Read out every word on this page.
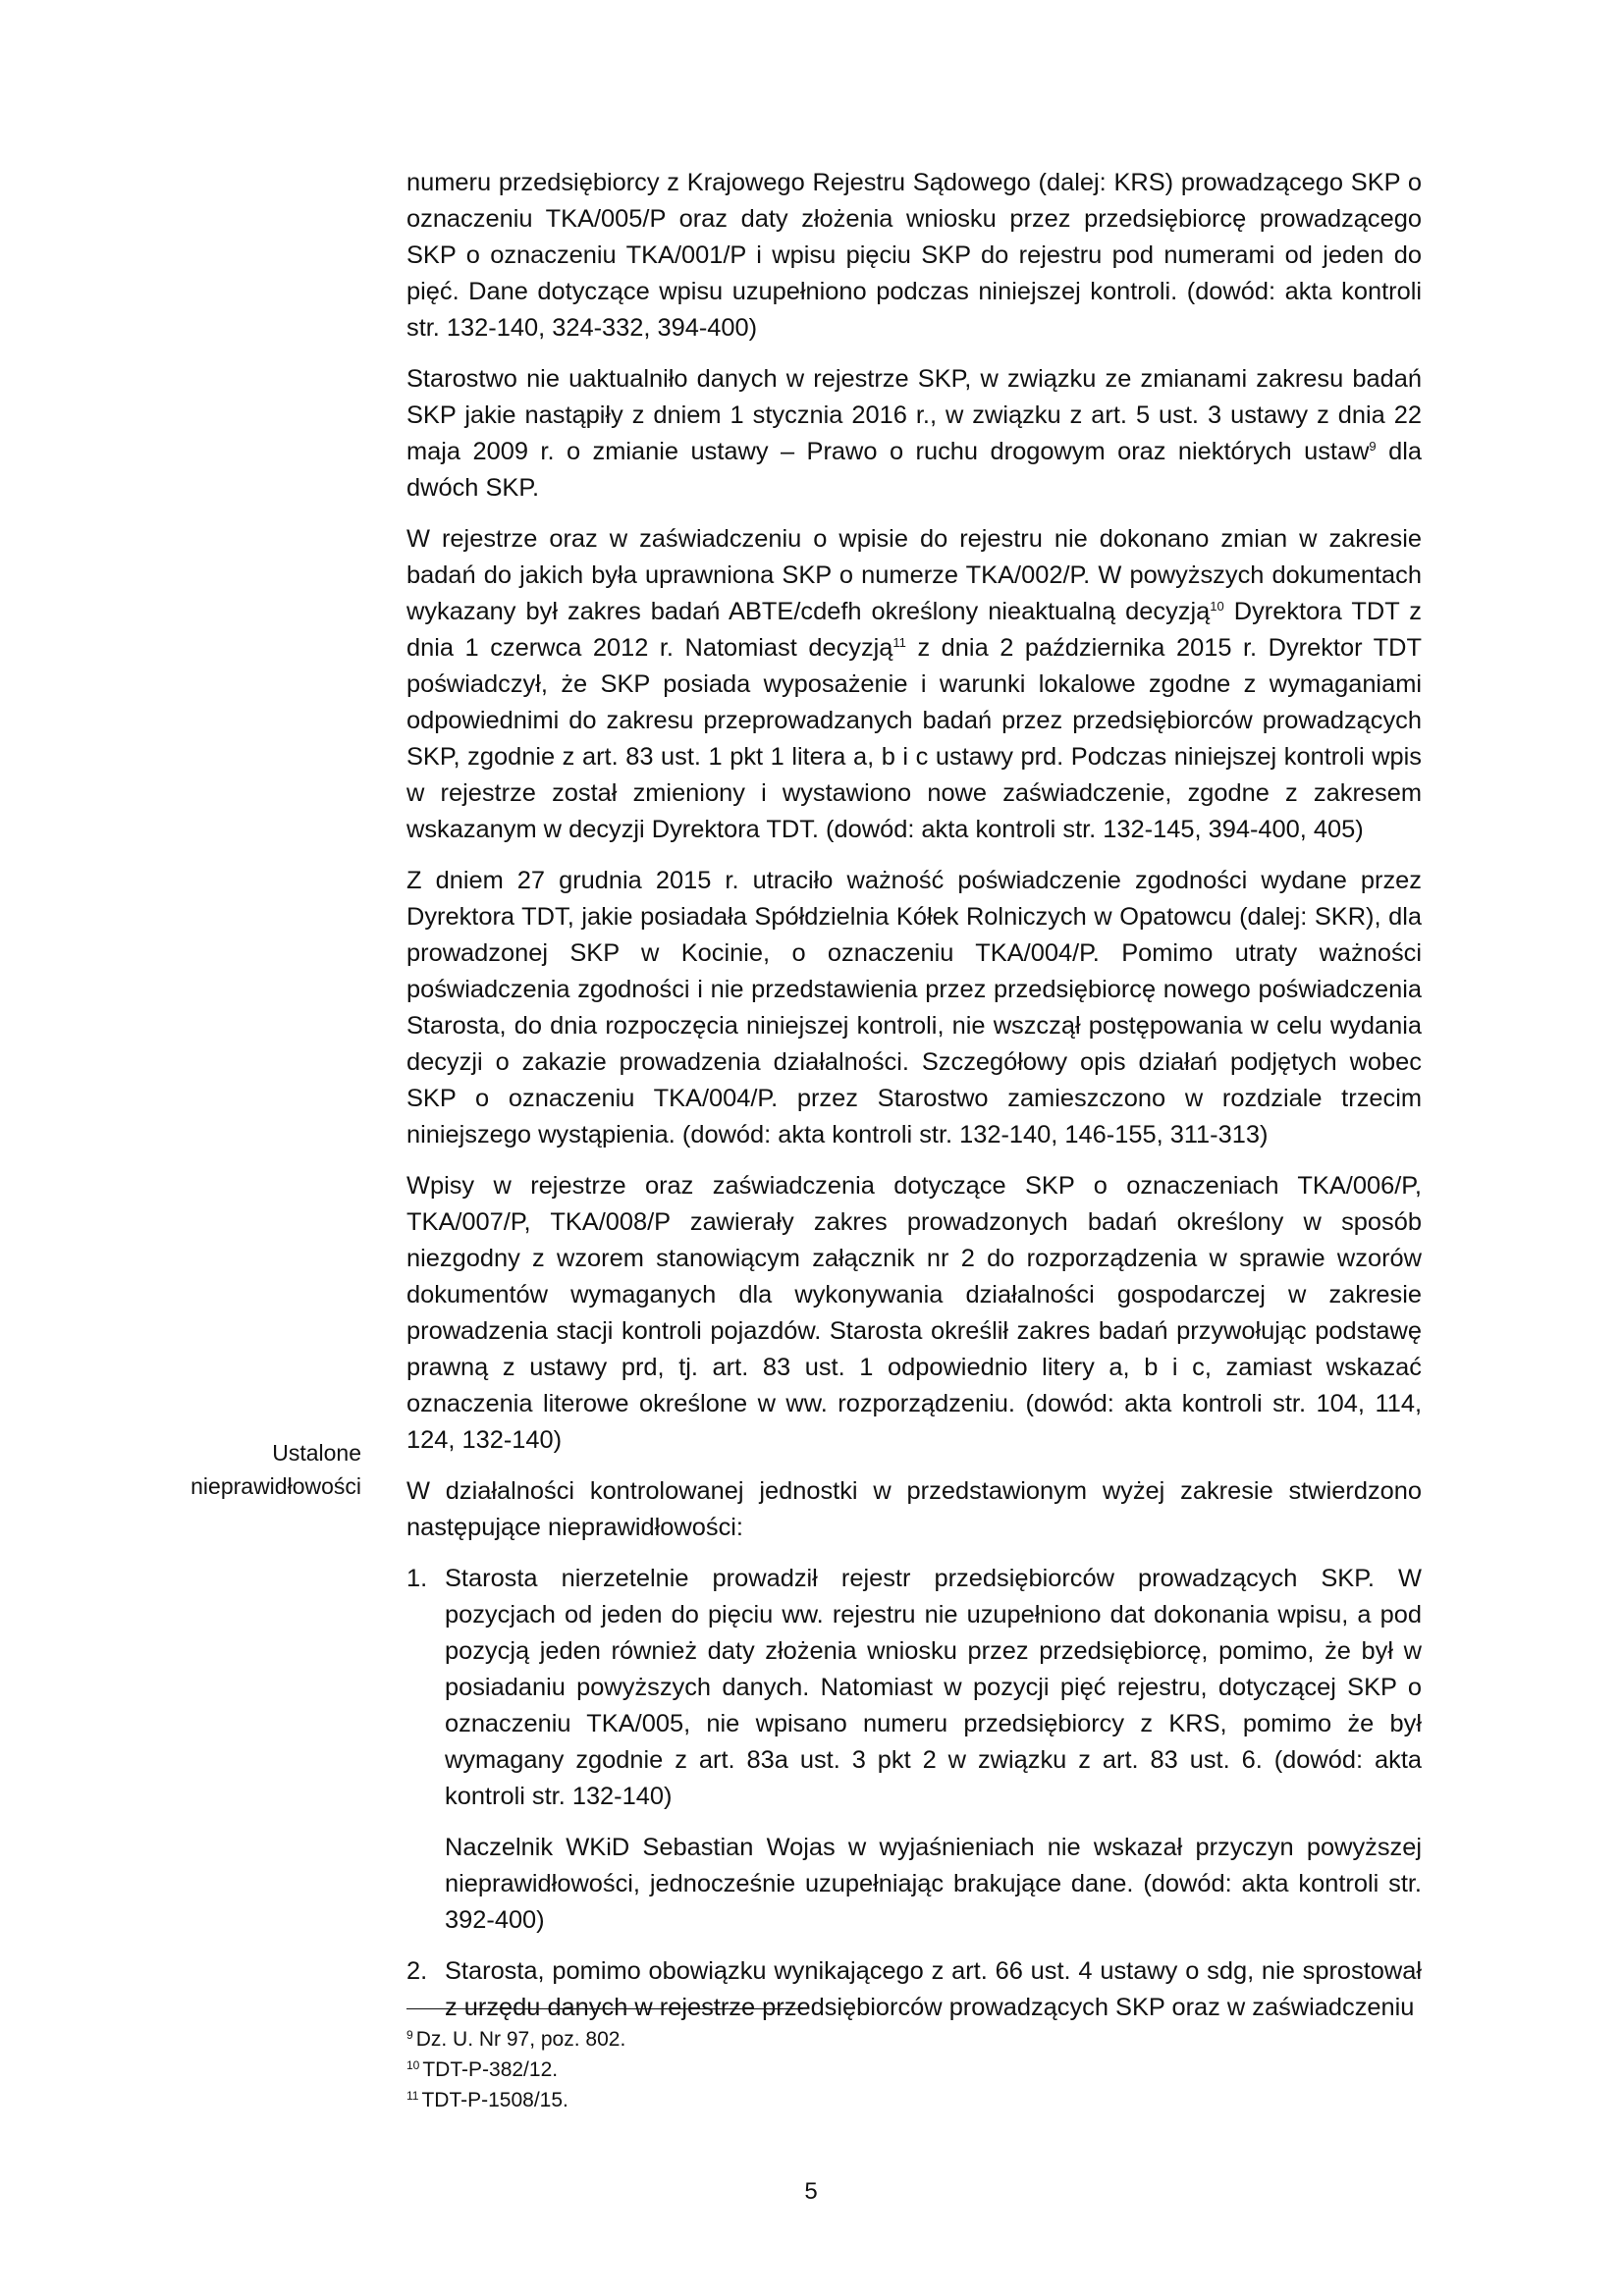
numeru przedsiębiorcy z Krajowego Rejestru Sądowego (dalej: KRS) prowadzącego SKP o oznaczeniu TKA/005/P oraz daty złożenia wniosku przez przedsiębiorcę prowadzącego SKP o oznaczeniu TKA/001/P i wpisu pięciu SKP do rejestru pod numerami od jeden do pięć. Dane dotyczące wpisu uzupełniono podczas niniejszej kontroli. (dowód: akta kontroli str. 132-140, 324-332, 394-400)

Starostwo nie uaktualniło danych w rejestrze SKP, w związku ze zmianami zakresu badań SKP jakie nastąpiły z dniem 1 stycznia 2016 r., w związku z art. 5 ust. 3 ustawy z dnia 22 maja 2009 r. o zmianie ustawy – Prawo o ruchu drogowym oraz niektórych ustaw$^9$ dla dwóch SKP.

W rejestrze oraz w zaświadczeniu o wpisie do rejestru nie dokonano zmian w zakresie badań do jakich była uprawniona SKP o numerze TKA/002/P. W powyższych dokumentach wykazany był zakres badań ABTE/cdefh określony nieaktualną decyzją$^{10}$ Dyrektora TDT z dnia 1 czerwca 2012 r. Natomiast decyzją$^{11}$ z dnia 2 października 2015 r. Dyrektor TDT poświadczył, że SKP posiada wyposażenie i warunki lokalowe zgodne z wymaganiami odpowiednimi do zakresu przeprowadzanych badań przez przedsiębiorców prowadzących SKP, zgodnie z art. 83 ust. 1 pkt 1 litera a, b i c ustawy prd. Podczas niniejszej kontroli wpis w rejestrze został zmieniony i wystawiono nowe zaświadczenie, zgodne z zakresem wskazanym w decyzji Dyrektora TDT. (dowód: akta kontroli str. 132-145, 394-400, 405)

Z dniem 27 grudnia 2015 r. utraciło ważność poświadczenie zgodności wydane przez Dyrektora TDT, jakie posiadała Spółdzielnia Kółek Rolniczych w Opatowcu (dalej: SKR), dla prowadzonej SKP w Kocinie, o oznaczeniu TKA/004/P. Pomimo utraty ważności poświadczenia zgodności i nie przedstawienia przez przedsiębiorcę nowego poświadczenia Starosta, do dnia rozpoczęcia niniejszej kontroli, nie wszczął postępowania w celu wydania decyzji o zakazie prowadzenia działalności. Szczegółowy opis działań podjętych wobec SKP o oznaczeniu TKA/004/P. przez Starostwo zamieszczono w rozdziale trzecim niniejszego wystąpienia. (dowód: akta kontroli str. 132-140, 146-155, 311-313)

Wpisy w rejestrze oraz zaświadczenia dotyczące SKP o oznaczeniach TKA/006/P, TKA/007/P, TKA/008/P zawierały zakres prowadzonych badań określony w sposób niezgodny z wzorem stanowiącym załącznik nr 2 do rozporządzenia w sprawie wzorów dokumentów wymaganych dla wykonywania działalności gospodarczej w zakresie prowadzenia stacji kontroli pojazdów. Starosta określił zakres badań przywołując podstawę prawną z ustawy prd, tj. art. 83 ust. 1 odpowiednio litery a, b i c, zamiast wskazać oznaczenia literowe określone w ww. rozporządzeniu. (dowód: akta kontroli str. 104, 114, 124, 132-140)

W działalności kontrolowanej jednostki w przedstawionym wyżej zakresie stwierdzono następujące nieprawidłowości:

1. Starosta nierzetelnie prowadził rejestr przedsiębiorców prowadzących SKP. W pozycjach od jeden do pięciu ww. rejestru nie uzupełniono dat dokonania wpisu, a pod pozycją jeden również daty złożenia wniosku przez przedsiębiorcę, pomimo, że był w posiadaniu powyższych danych. Natomiast w pozycji pięć rejestru, dotyczącej SKP o oznaczeniu TKA/005, nie wpisano numeru przedsiębiorcy z KRS, pomimo że był wymagany zgodnie z art. 83a ust. 3 pkt 2 w związku z art. 83 ust. 6. (dowód: akta kontroli str. 132-140)

Naczelnik WKiD Sebastian Wojas w wyjaśnieniach nie wskazał przyczyn powyższej nieprawidłowości, jednocześnie uzupełniając brakujące dane. (dowód: akta kontroli str. 392-400)

2. Starosta, pomimo obowiązku wynikającego z art. 66 ust. 4 ustawy o sdg, nie sprostował z urzędu danych w rejestrze przedsiębiorców prowadzących SKP oraz w zaświadczeniu

Ustalone
nieprawidłowości
$^9$ Dz. U. Nr 97, poz. 802.
$^{10}$ TDT-P-382/12.
$^{11}$ TDT-P-1508/15.
5
